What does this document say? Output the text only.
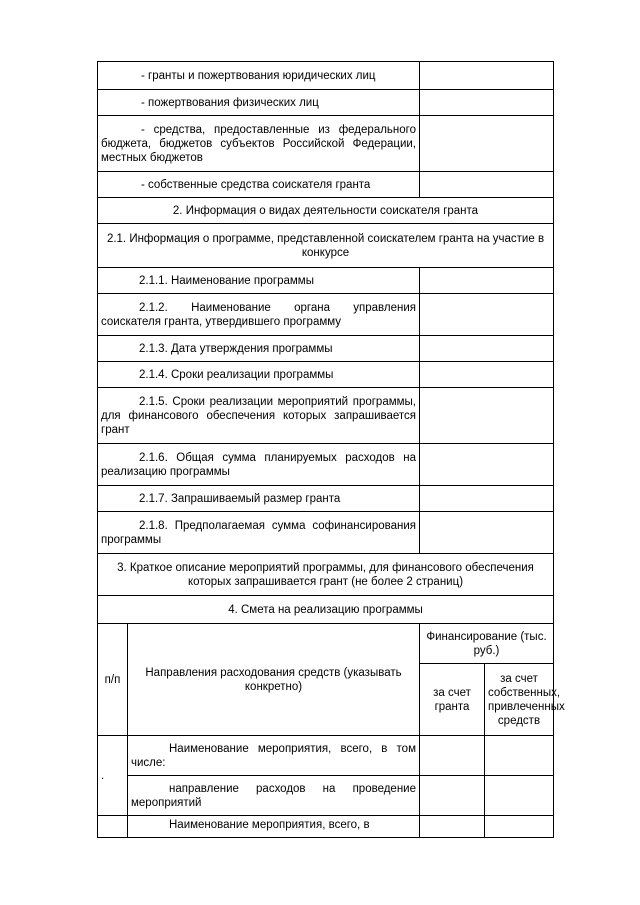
- гранты и пожертвования юридических лиц			
- пожертвования физических лиц			
- средства, предоставленные из федерального бюджета, бюджетов субъектов Российской Федерации, местных бюджетов			
- собственные средства соискателя гранта			
2. Информация о видах деятельности соискателя гранта			
2.1. Информация о программе, представленной соискателем гранта на участие в конкурсе			
2.1.1. Наименование программы			
2.1.2. Наименование органа управления соискателя гранта, утвердившего программу			
2.1.3. Дата утверждения программы			
2.1.4. Сроки реализации программы			
2.1.5. Сроки реализации мероприятий программы, для финансового обеспечения которых запрашивается грант			
2.1.6. Общая сумма планируемых расходов на реализацию программы			
2.1.7. Запрашиваемый размер гранта			
2.1.8. Предполагаемая сумма софинансирования программы			
3. Краткое описание мероприятий программы, для финансового обеспечения которых запрашивается грант (не более 2 страниц)			
4. Смета на реализацию программы			
п/п	Направления расходования средств (указывать конкретно)	Финансирование (тыс. руб.)	
		за счет гранта	за счет собственных, привлеченных средств

.	Наименование мероприятия, всего, в том числе:		
	направление расходов на проведение мероприятий		
	Наименование мероприятия, всего, в		
